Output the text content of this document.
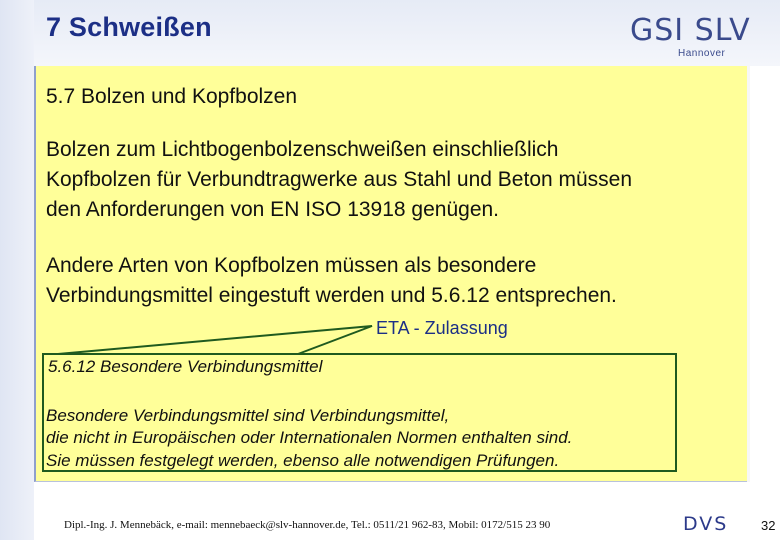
7 Schweißen	GSI SLV
Hannover
5.7 Bolzen und Kopfbolzen
Bolzen zum Lichtbogenbolzenschweißen einschließlich
Kopfbolzen für Verbundtragwerke aus Stahl und Beton müssen
den Anforderungen von EN ISO 13918 genügen.
Andere Arten von Kopfbolzen müssen als besondere
Verbindungsmittel eingestuft werden und 5.6.12 entsprechen.
ETA - Zulassung
5.6.12 Besondere Verbindungsmittel
Besondere Verbindungsmittel sind Verbindungsmittel,
die nicht in Europäischen oder Internationalen Normen enthalten sind.
Sie müssen festgelegt werden, ebenso alle notwendigen Prüfungen.
Dipl.-Ing. J. Mennebäck, e-mail: mennebaeck@slv-hannover.de, Tel.: 0511/21 962-83, Mobil: 0172/515 23 90	DVS	32
